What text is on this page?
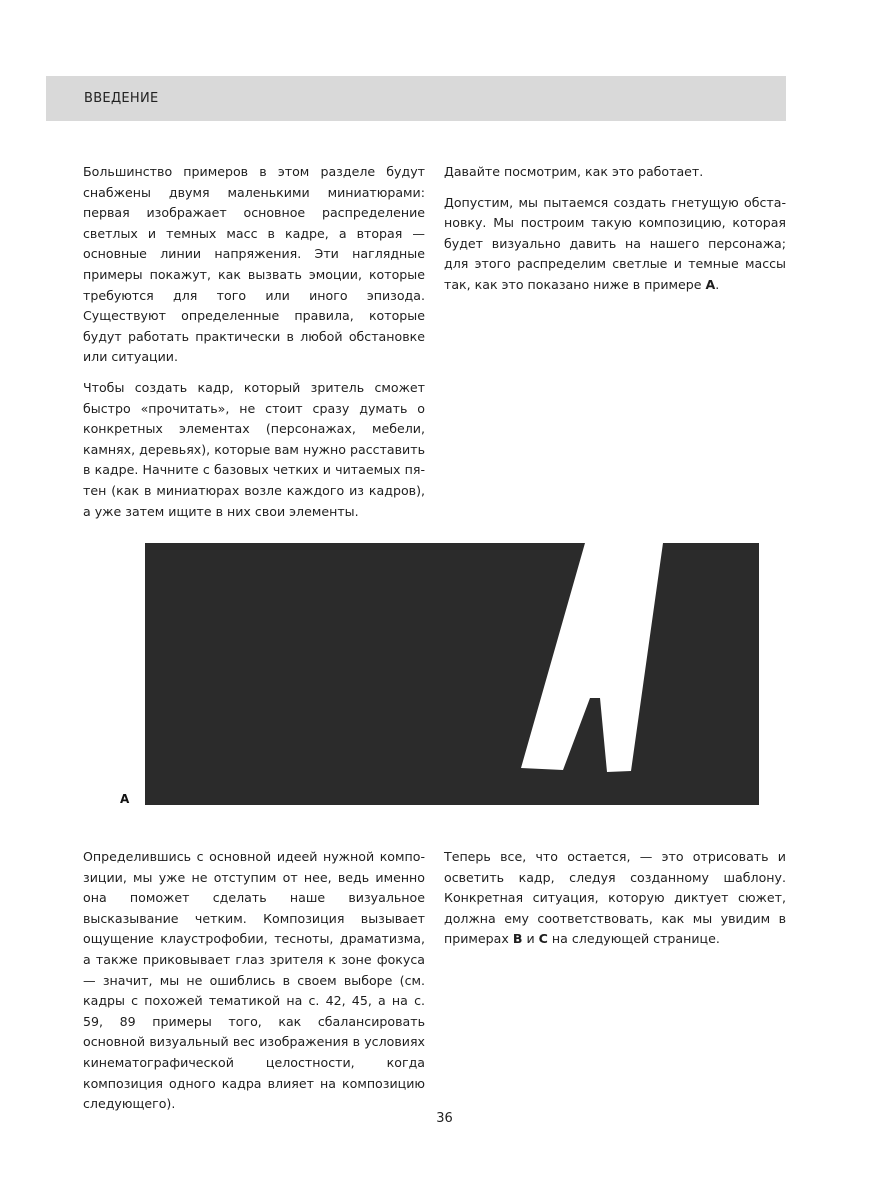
ВВЕДЕНИЕ

Большинство примеров в этом разделе будут снабжены двумя маленькими миниатюрами: первая изображает основное распределение светлых и темных масс в кадре, а вторая — основные линии напряжения. Эти наглядные примеры покажут, как вызвать эмоции, которые требуются для того или иного эпизода. Существуют определенные правила, которые будут работать практически в любой обстановке или ситуации.

Чтобы создать кадр, который зритель сможет быстро «прочитать», не стоит сразу думать о конкретных элементах (персонажах, мебели, камнях, деревьях), которые вам нужно расставить в кадре. Начните с базовых четких и читаемых пятен (как в миниатюрах возле каждого из кадров), а уже затем ищите в них свои элементы.

Давайте посмотрим, как это работает.

Допустим, мы пытаемся создать гнетущую обстановку. Мы построим такую композицию, которая будет визуально давить на нашего персонажа; для этого распределим светлые и темные массы так, как это показано ниже в примере A.

A

Определившись с основной идеей нужной композиции, мы уже не отступим от нее, ведь именно она поможет сделать наше визуальное высказывание четким. Композиция вызывает ощущение клаустрофобии, тесноты, драматизма, а также приковывает глаз зрителя к зоне фокуса — значит, мы не ошиблись в своем выборе (см. кадры с похожей тематикой на с. 42, 45, а на с. 59, 89 примеры того, как сбалансировать основной визуальный вес изображения в условиях кинематографической целостности, когда композиция одного кадра влияет на композицию следующего).

Теперь все, что остается, — это отрисовать и осветить кадр, следуя созданному шаблону. Конкретная ситуация, которую диктует сюжет, должна ему соответствовать, как мы увидим в примерах B и C на следующей странице.

36
